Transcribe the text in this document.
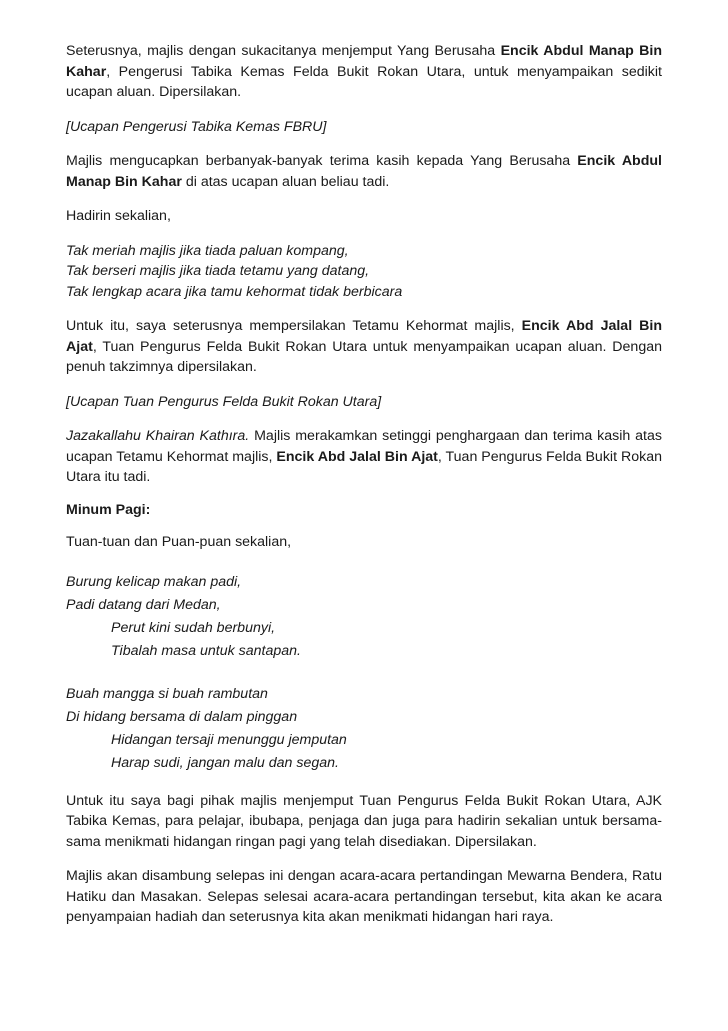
Seterusnya, majlis dengan sukacitanya menjemput Yang Berusaha Encik Abdul Manap Bin Kahar, Pengerusi Tabika Kemas Felda Bukit Rokan Utara, untuk menyampaikan sedikit ucapan aluan. Dipersilakan.

[Ucapan Pengerusi Tabika Kemas FBRU]

Majlis mengucapkan berbanyak-banyak terima kasih kepada Yang Berusaha Encik Abdul Manap Bin Kahar di atas ucapan aluan beliau tadi.

Hadirin sekalian,

Tak meriah majlis jika tiada paluan kompang,
Tak berseri majlis jika tiada tetamu yang datang,
Tak lengkap acara jika tamu kehormat tidak berbicara

Untuk itu, saya seterusnya mempersilakan Tetamu Kehormat majlis, Encik Abd Jalal Bin Ajat, Tuan Pengurus Felda Bukit Rokan Utara untuk menyampaikan ucapan aluan. Dengan penuh takzimnya dipersilakan.

[Ucapan Tuan Pengurus Felda Bukit Rokan Utara]

Jazakallahu Khairan Kathıra. Majlis merakamkan setinggi penghargaan dan terima kasih atas ucapan Tetamu Kehormat majlis, Encik Abd Jalal Bin Ajat, Tuan Pengurus Felda Bukit Rokan Utara itu tadi.

Minum Pagi:

Tuan-tuan dan Puan-puan sekalian,

Burung kelicap makan padi,
Padi datang dari Medan,
Perut kini sudah berbunyi,
Tibalah masa untuk santapan.
Buah mangga si buah rambutan
Di hidang bersama di dalam pinggan
Hidangan tersaji menunggu jemputan
Harap sudi, jangan malu dan segan.

Untuk itu saya bagi pihak majlis menjemput Tuan Pengurus Felda Bukit Rokan Utara, AJK Tabika Kemas, para pelajar, ibubapa, penjaga dan juga para hadirin sekalian untuk bersama-sama menikmati hidangan ringan pagi yang telah disediakan. Dipersilakan.

Majlis akan disambung selepas ini dengan acara-acara pertandingan Mewarna Bendera, Ratu Hatiku dan Masakan. Selepas selesai acara-acara pertandingan tersebut, kita akan ke acara penyampaian hadiah dan seterusnya kita akan menikmati hidangan hari raya.
